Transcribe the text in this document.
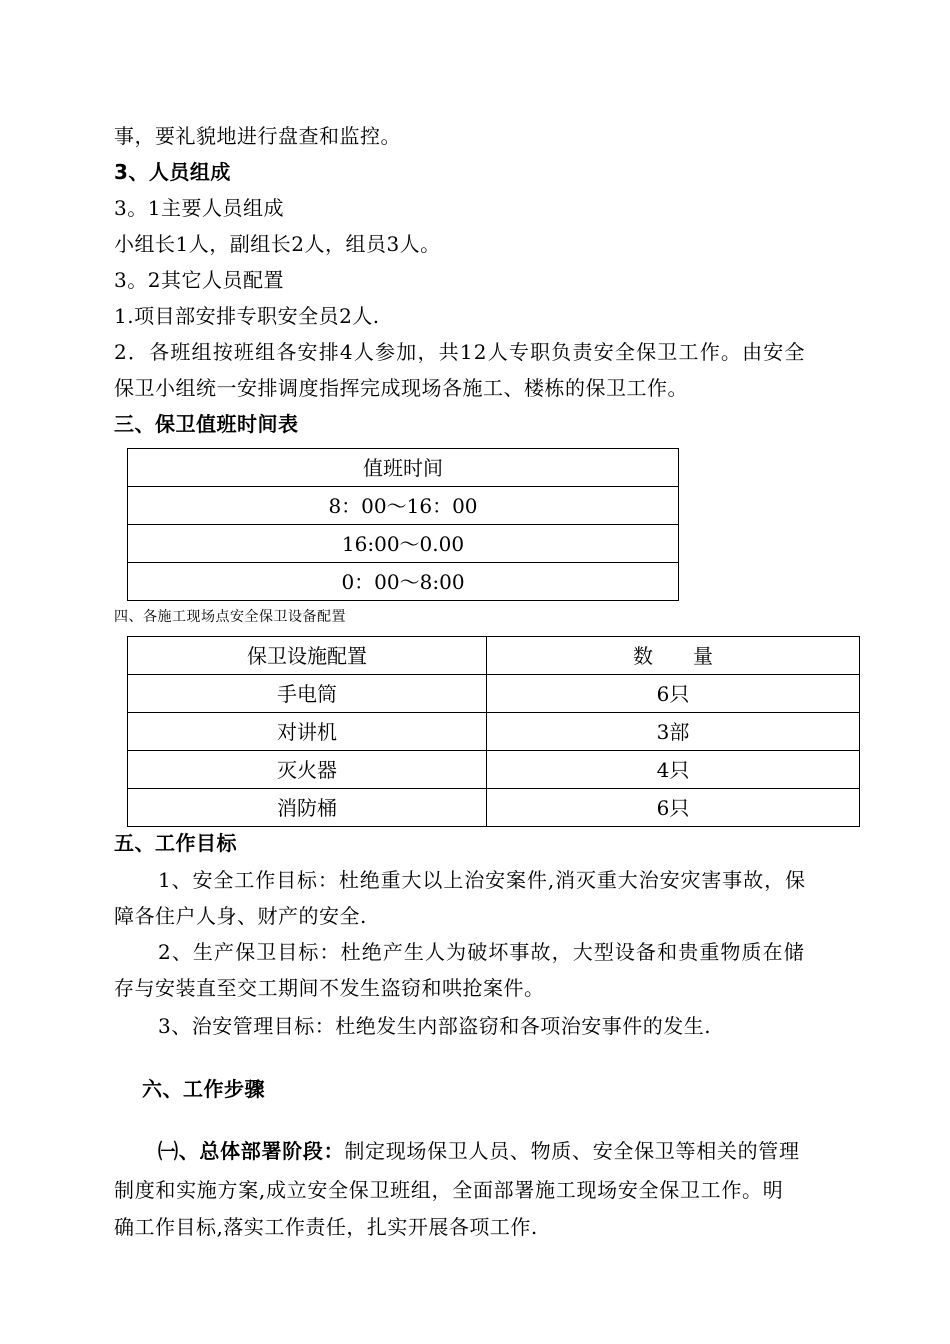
事，要礼貌地进行盘查和监控。
3、人员组成
3。1主要人员组成
小组长1人，副组长2人，组员3人。
3。2其它人员配置
1.项目部安排专职安全员2人.
2．各班组按班组各安排4人参加，共12人专职负责安全保卫工作。由安全
保卫小组统一安排调度指挥完成现场各施工、楼栋的保卫工作。
三、保卫值班时间表
值班时间
8：00～16：00
16:00～0.00
0：00～8:00
四、各施工现场点安全保卫设备配置
保卫设施配置	数　　量
手电筒	6只
对讲机	3部
灭火器	4只
消防桶	6只
五、工作目标
1、安全工作目标：杜绝重大以上治安案件,消灭重大治安灾害事故，保
障各住户人身、财产的安全.
2、生产保卫目标：杜绝产生人为破坏事故，大型设备和贵重物质在储
存与安装直至交工期间不发生盗窃和哄抢案件。
3、治安管理目标：杜绝发生内部盗窃和各项治安事件的发生.
六、工作步骤
㈠、总体部署阶段：制定现场保卫人员、物质、安全保卫等相关的管理
制度和实施方案,成立安全保卫班组，全面部署施工现场安全保卫工作。明
确工作目标,落实工作责任，扎实开展各项工作.
